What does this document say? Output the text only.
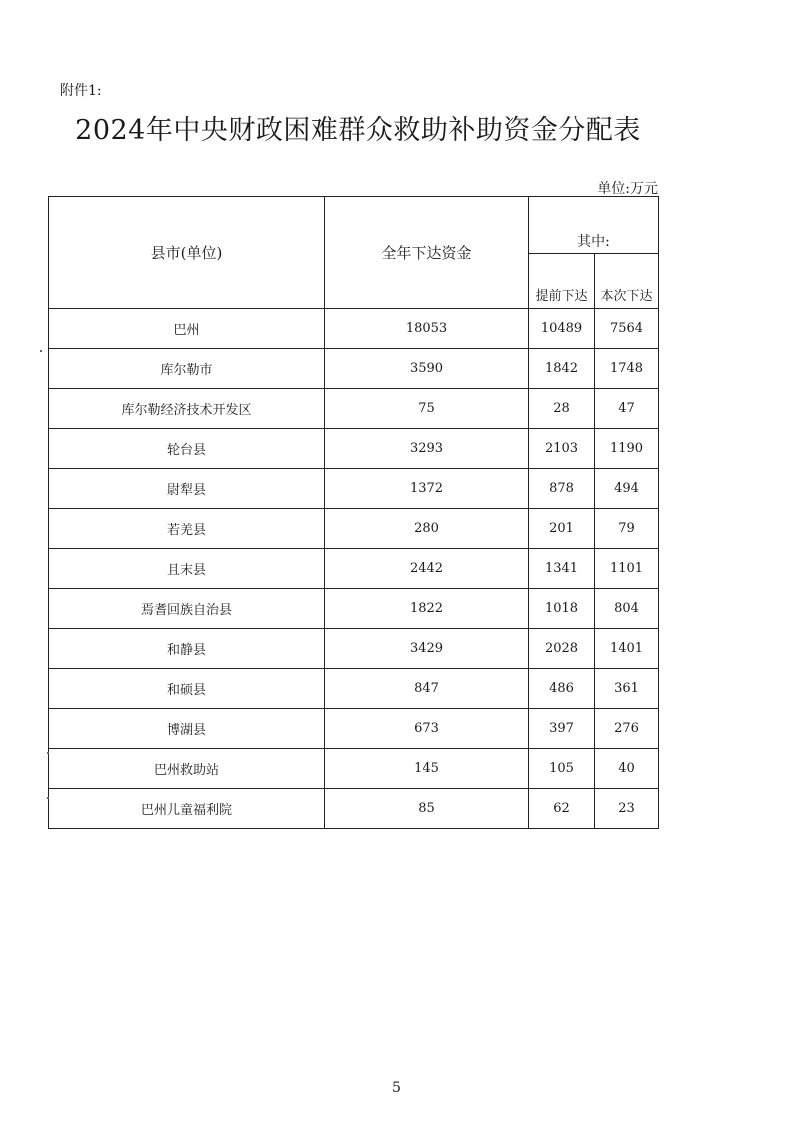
附件1:
2024年中央财政困难群众救助补助资金分配表
单位:万元
县市(单位)	全年下达资金	其中:	
		提前下达	本次下达
巴州	18053	10489	7564
库尔勒市	3590	1842	1748
库尔勒经济技术开发区	75	28	47
轮台县	3293	2103	1190
尉犁县	1372	878	494
若羌县	280	201	79
且末县	2442	1341	1101
焉耆回族自治县	1822	1018	804
和静县	3429	2028	1401
和硕县	847	486	361
博湖县	673	397	276
巴州救助站	145	105	40
巴州儿童福利院	85	62	23
5
